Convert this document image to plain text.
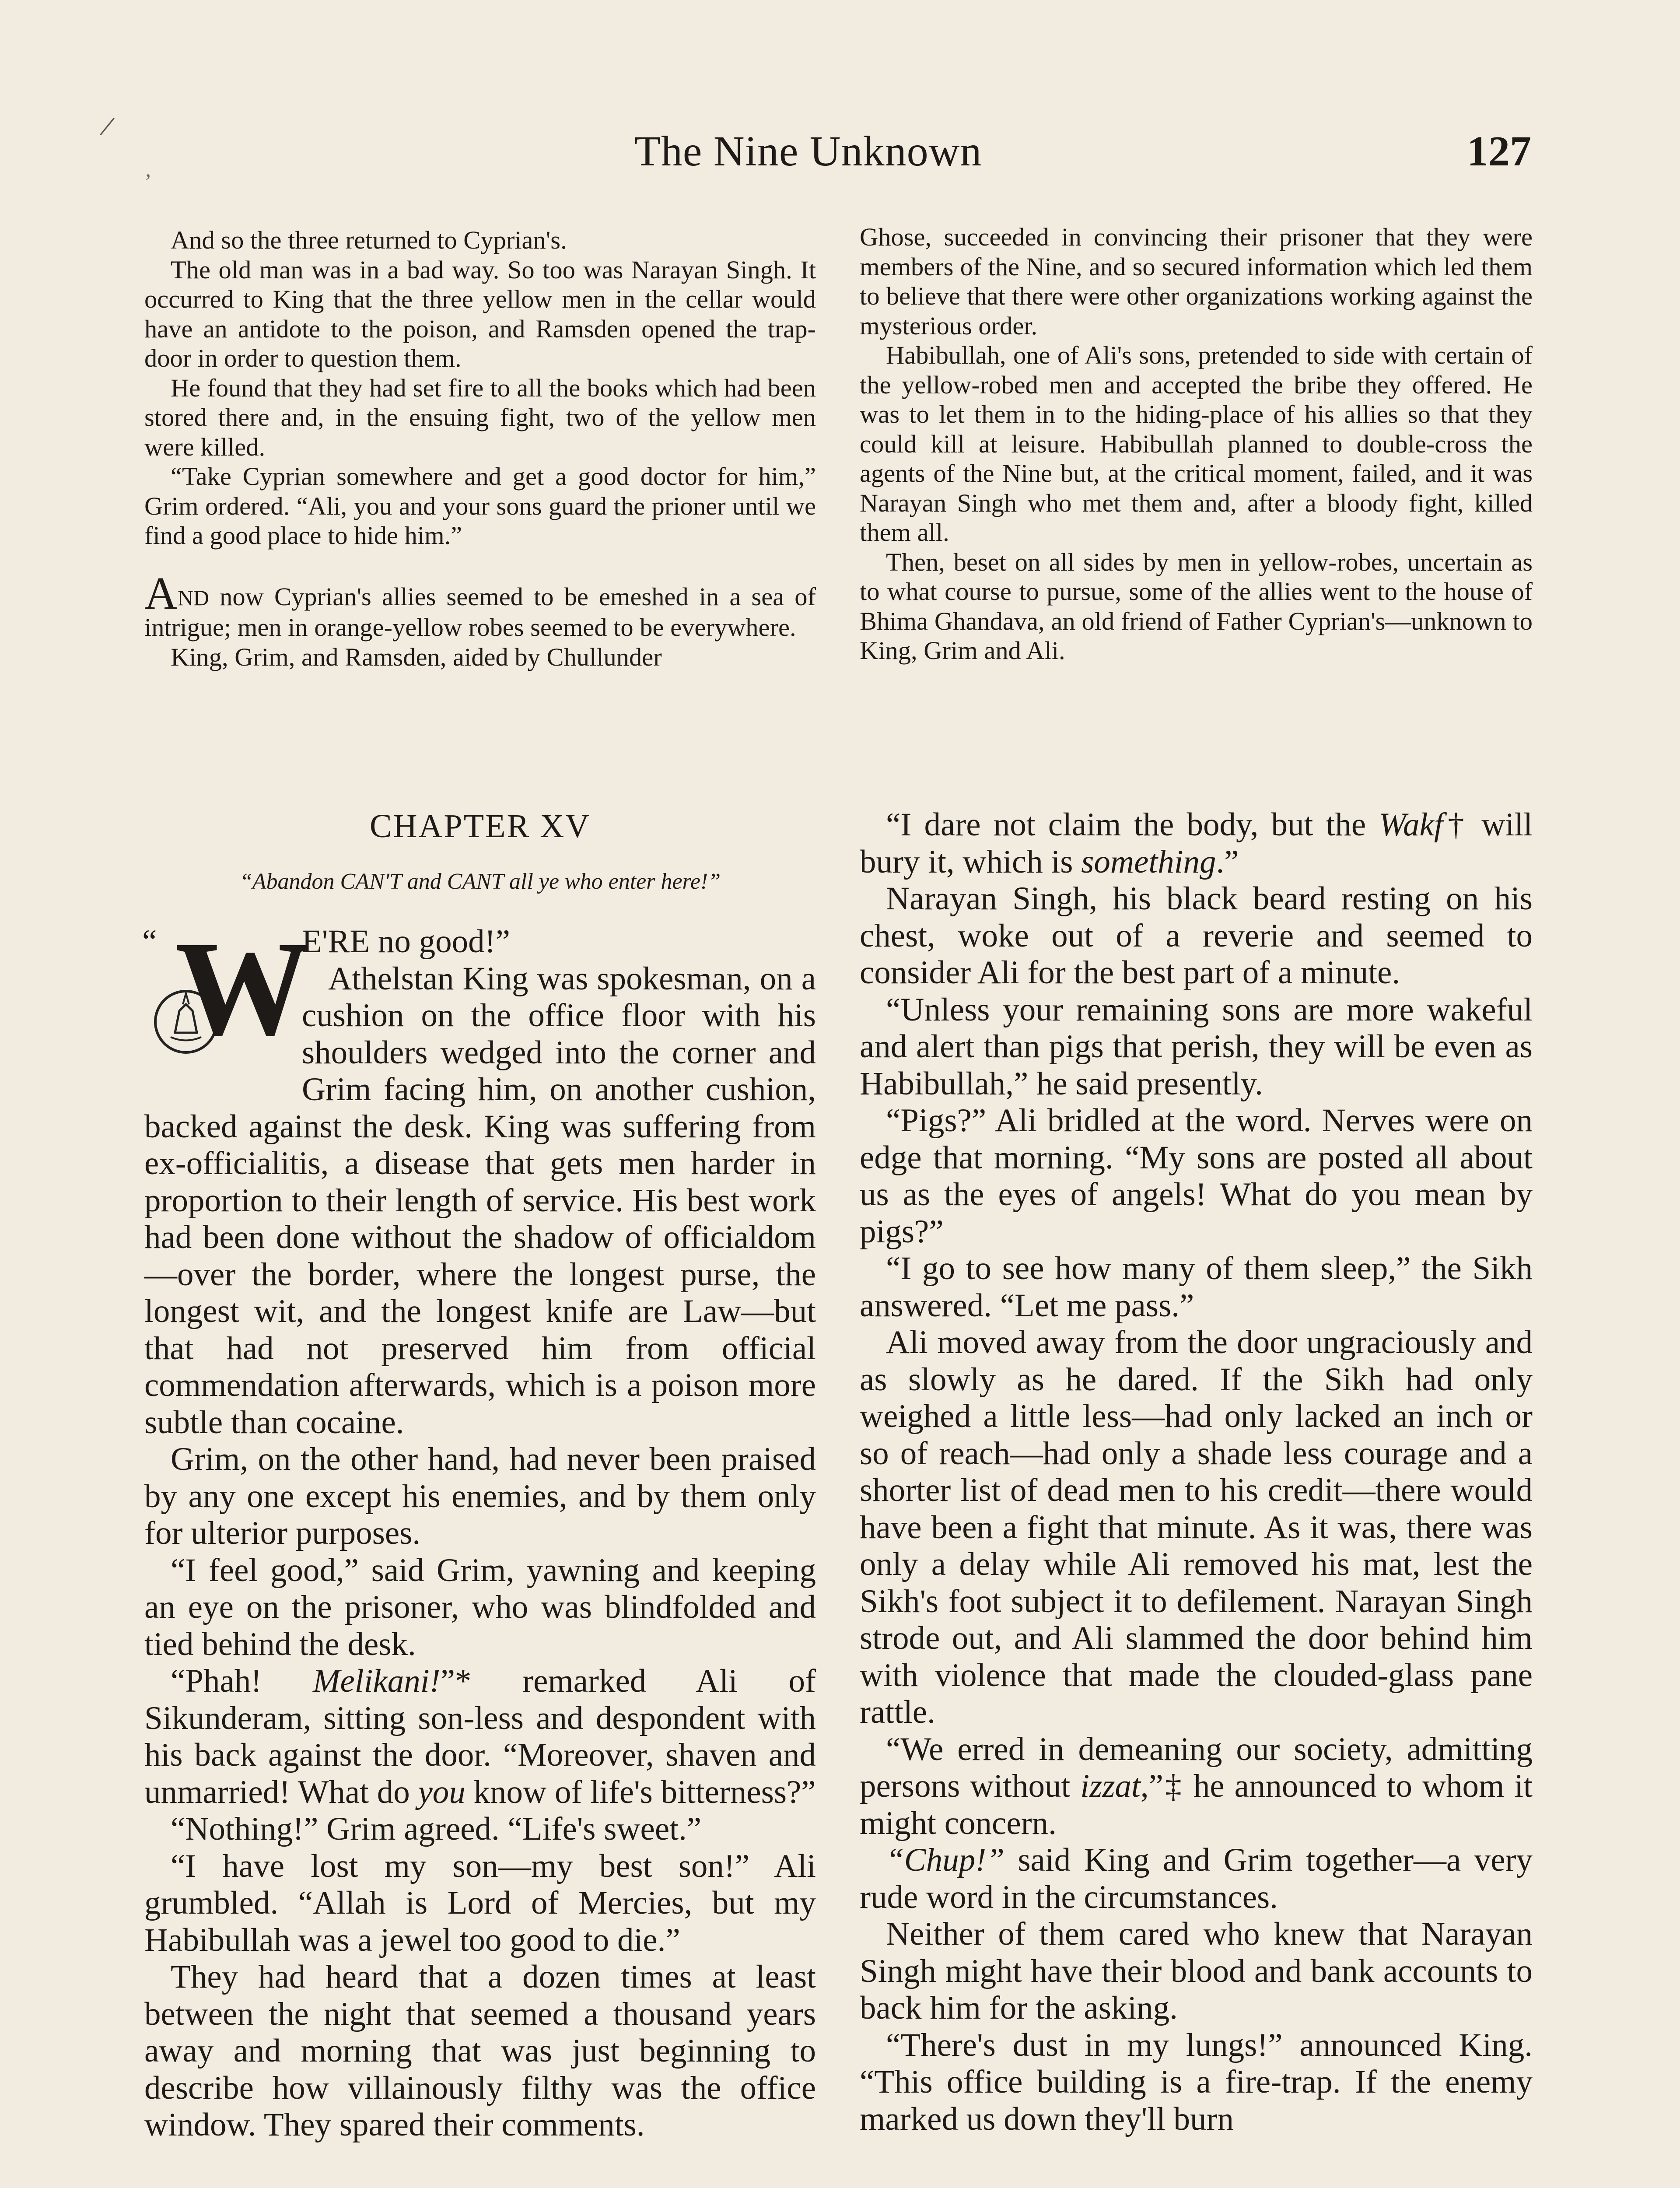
/
’
The Nine Unknown	127

And so the three returned to Cyprian's.

The old man was in a bad way. So too was Narayan Singh. It occurred to King that the three yellow men in the cellar would have an antidote to the poison, and Ramsden opened the trap-door in order to question them.

He found that they had set fire to all the books which had been stored there and, in the ensuing fight, two of the yellow men were killed.

“Take Cyprian somewhere and get a good doctor for him,” Grim ordered. “Ali, you and your sons guard the prioner until we find a good place to hide him.”

AND now Cyprian's allies seemed to be emeshed in a sea of intrigue; men in orange-yellow robes seemed to be everywhere.

King, Grim, and Ramsden, aided by Chullunder

Ghose, succeeded in convincing their prisoner that they were members of the Nine, and so secured information which led them to believe that there were other organizations working against the mysterious order.

Habibullah, one of Ali's sons, pretended to side with certain of the yellow-robed men and accepted the bribe they offered. He was to let them in to the hiding-place of his allies so that they could kill at leisure. Habibullah planned to double-cross the agents of the Nine but, at the critical moment, failed, and it was Narayan Singh who met them and, after a bloody fight, killed them all.

Then, beset on all sides by men in yellow-robes, uncertain as to what course to pursue, some of the allies went to the house of Bhima Ghandava, an old friend of Father Cyprian's—unknown to King, Grim and Ali.

CHAPTER XV
“Abandon CAN'T and CANT all ye who enter here!”
“ W

E'RE no good!”

Athelstan King was spokesman, on a cushion on the office floor with his shoulders wedged into the corner and Grim facing him, on another cushion, backed against the desk. King was suffering from ex-officialitis, a disease that gets men harder in proportion to their length of service. His best work had been done without the shadow of officialdom—over the border, where the longest purse, the longest wit, and the longest knife are Law—but that had not preserved him from official commendation afterwards, which is a poison more subtle than cocaine.

Grim, on the other hand, had never been praised by any one except his enemies, and by them only for ulterior purposes.

“I feel good,” said Grim, yawning and keeping an eye on the prisoner, who was blindfolded and tied behind the desk.

“Phah! Melikani!”* remarked Ali of Sikunderam, sitting son-less and despondent with his back against the door. “Moreover, shaven and unmarried! What do you know of life's bitterness?”

“Nothing!” Grim agreed. “Life's sweet.”

“I have lost my son—my best son!” Ali grumbled. “Allah is Lord of Mercies, but my Habibullah was a jewel too good to die.”

They had heard that a dozen times at least between the night that seemed a thousand years away and morning that was just beginning to describe how villainously filthy was the office window. They spared their comments.

“I dare not claim the body, but the Wakf† will bury it, which is something.”

Narayan Singh, his black beard resting on his chest, woke out of a reverie and seemed to consider Ali for the best part of a minute.

“Unless your remaining sons are more wakeful and alert than pigs that perish, they will be even as Habibullah,” he said presently.

“Pigs?” Ali bridled at the word. Nerves were on edge that morning. “My sons are posted all about us as the eyes of angels! What do you mean by pigs?”

“I go to see how many of them sleep,” the Sikh answered. “Let me pass.”

Ali moved away from the door ungraciously and as slowly as he dared. If the Sikh had only weighed a little less—had only lacked an inch or so of reach—had only a shade less courage and a shorter list of dead men to his credit—there would have been a fight that minute. As it was, there was only a delay while Ali removed his mat, lest the Sikh's foot subject it to defilement. Narayan Singh strode out, and Ali slammed the door behind him with violence that made the clouded-glass pane rattle.

“We erred in demeaning our society, admitting persons without izzat,”‡ he announced to whom it might concern.

“Chup!” said King and Grim together—a very rude word in the circumstances.

Neither of them cared who knew that Narayan Singh might have their blood and bank accounts to back him for the asking.

“There's dust in my lungs!” announced King. “This office building is a fire-trap. If the enemy marked us down they'll burn
